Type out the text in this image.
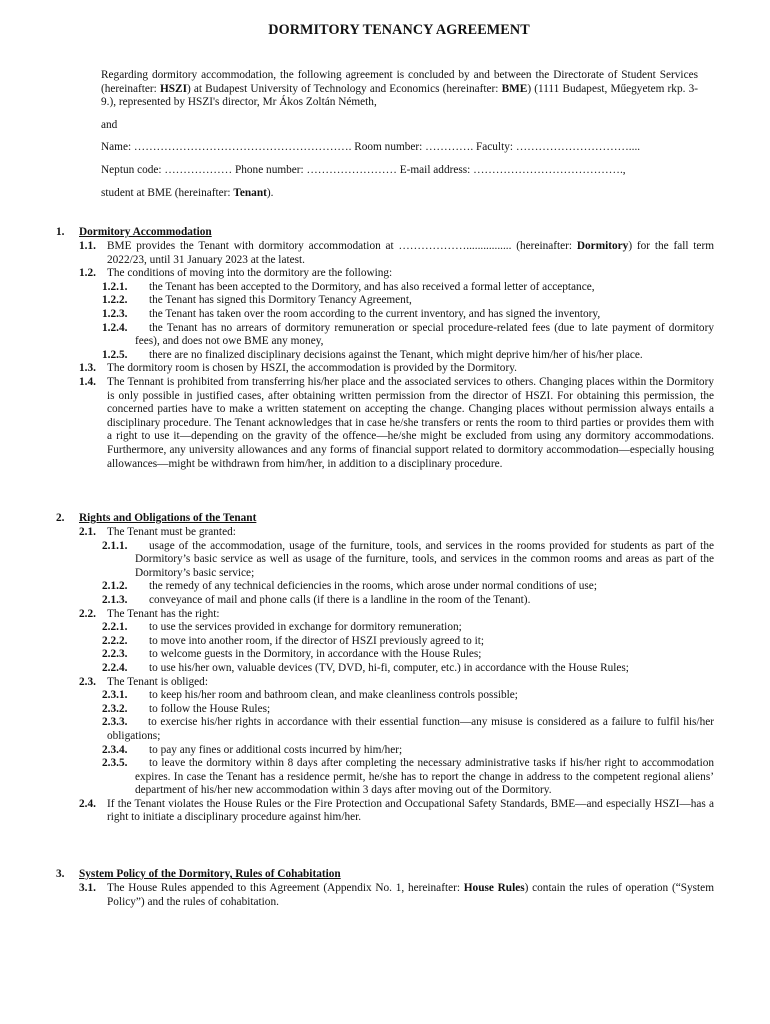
DORMITORY TENANCY AGREEMENT

Regarding dormitory accommodation, the following agreement is concluded by and between the Directorate of Student Services (hereinafter: HSZI) at Budapest University of Technology and Economics (hereinafter: BME) (1111 Budapest, Műegyetem rkp. 3-9.), represented by HSZI's director, Mr Ákos Zoltán Németh,

and

Name: …………………………………………………. Room number: …………. Faculty: …………………………....

Neptun code: ……………… Phone number: …………………… E-mail address: ………………………………….,

student at BME (hereinafter: Tenant).

1. Dormitory Accommodation
1.1. BME provides the Tenant with dormitory accommodation at ………………................ (hereinafter: Dormitory) for the fall term 2022/23, until 31 January 2023 at the latest.
1.2. The conditions of moving into the dormitory are the following:
1.2.1.	the Tenant has been accepted to the Dormitory, and has also received a formal letter of acceptance,
1.2.2.	the Tenant has signed this Dormitory Tenancy Agreement,
1.2.3.	the Tenant has taken over the room according to the current inventory, and has signed the inventory,
1.2.4.	the Tenant has no arrears of dormitory remuneration or special procedure-related fees (due to late payment of dormitory fees), and does not owe BME any money,
1.2.5.	there are no finalized disciplinary decisions against the Tenant, which might deprive him/her of his/her place.
1.3. The dormitory room is chosen by HSZI, the accommodation is provided by the Dormitory.
1.4. The Tennant is prohibited from transferring his/her place and the associated services to others. Changing places within the Dormitory is only possible in justified cases, after obtaining written permission from the director of HSZI. For obtaining this permission, the concerned parties have to make a written statement on accepting the change. Changing places without permission always entails a disciplinary procedure. The Tenant acknowledges that in case he/she transfers or rents the room to third parties or provides them with a right to use it—depending on the gravity of the offence—he/she might be excluded from using any dormitory accommodations. Furthermore, any university allowances and any forms of financial support related to dormitory accommodation—especially housing allowances—might be withdrawn from him/her, in addition to a disciplinary procedure.
2. Rights and Obligations of the Tenant
2.1. The Tenant must be granted:
2.1.1.	usage of the accommodation, usage of the furniture, tools, and services in the rooms provided for students as part of the Dormitory’s basic service as well as usage of the furniture, tools, and services in the common rooms and areas as part of the Dormitory’s basic service;
2.1.2.	the remedy of any technical deficiencies in the rooms, which arose under normal conditions of use;
2.1.3.	conveyance of mail and phone calls (if there is a landline in the room of the Tenant).
2.2. The Tenant has the right:
2.2.1.	to use the services provided in exchange for dormitory remuneration;
2.2.2.	to move into another room, if the director of HSZI previously agreed to it;
2.2.3.	to welcome guests in the Dormitory, in accordance with the House Rules;
2.2.4.	to use his/her own, valuable devices (TV, DVD, hi-fi, computer, etc.) in accordance with the House Rules;
2.3. The Tenant is obliged:
2.3.1.	to keep his/her room and bathroom clean, and make cleanliness controls possible;
2.3.2.	to follow the House Rules;
2.3.3.	to exercise his/her rights in accordance with their essential function—any misuse is considered as a failure to fulfil his/her obligations;
2.3.4.	to pay any fines or additional costs incurred by him/her;
2.3.5.	to leave the dormitory within 8 days after completing the necessary administrative tasks if his/her right to accommodation expires. In case the Tenant has a residence permit, he/she has to report the change in address to the competent regional aliens’ department of his/her new accommodation within 3 days after moving out of the Dormitory.
2.4. If the Tenant violates the House Rules or the Fire Protection and Occupational Safety Standards, BME—and especially HSZI—has a right to initiate a disciplinary procedure against him/her.
3. System Policy of the Dormitory, Rules of Cohabitation
3.1. The House Rules appended to this Agreement (Appendix No. 1, hereinafter: House Rules) contain the rules of operation (“System Policy”) and the rules of cohabitation.
